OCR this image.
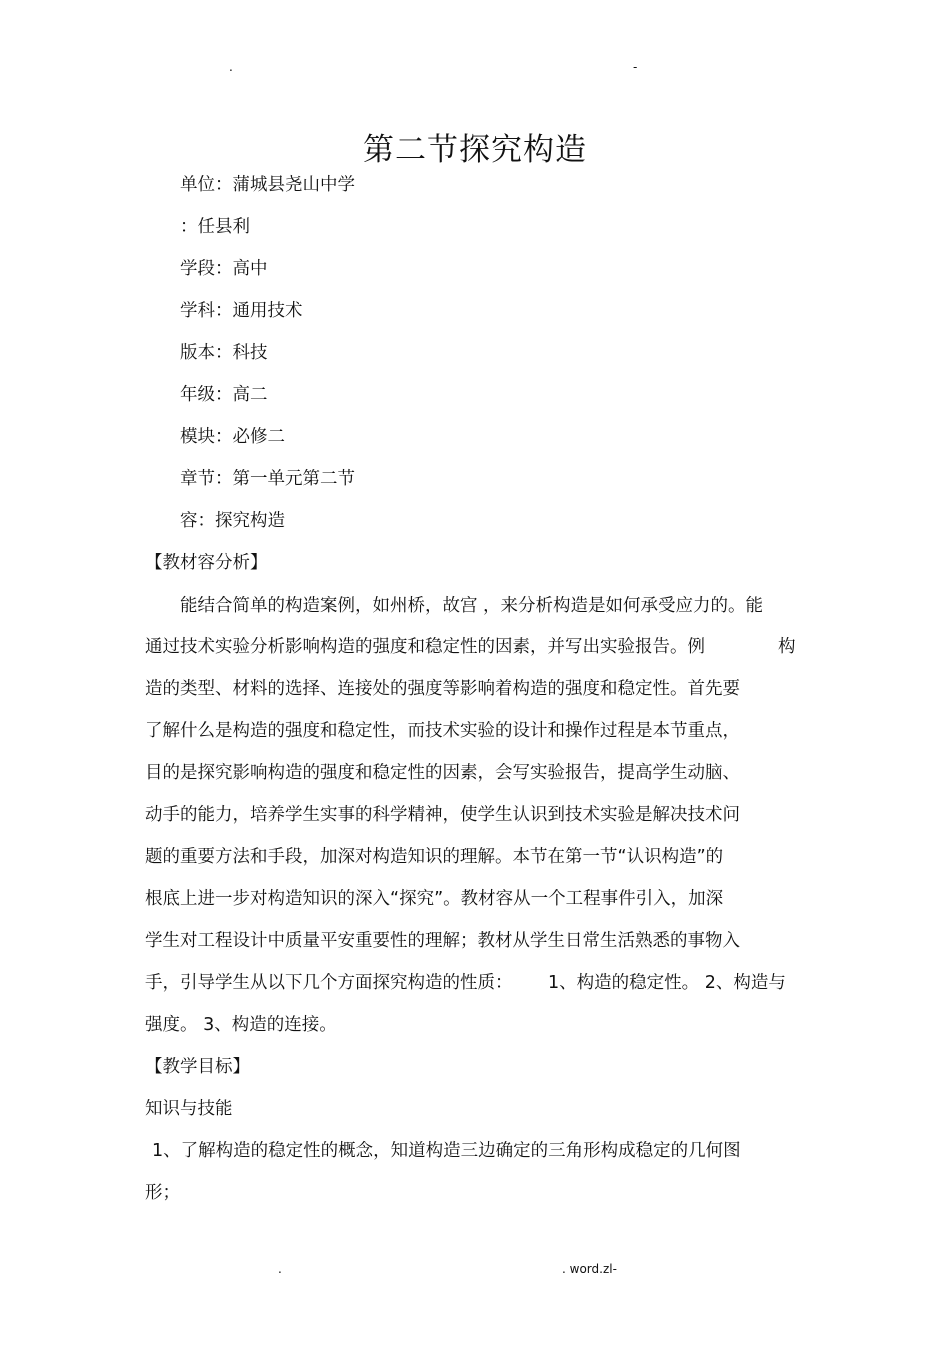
.	-
第二节探究构造
单位：蒲城县尧山中学
：任县利
学段：高中
学科：通用技术
版本：科技
年级：高二
模块：必修二
章节：第一单元第二节
容：探究构造
【教材容分析】
能结合简单的构造案例，如州桥，故宫 ，来分析构造是如何承受应力的。能
通过技术实验分析影响构造的强度和稳定性的因素，并写出实验报告。例	构
造的类型、材料的选择、连接处的强度等影响着构造的强度和稳定性。首先要
了解什么是构造的强度和稳定性，而技术实验的设计和操作过程是本节重点，
目的是探究影响构造的强度和稳定性的因素，会写实验报告，提高学生动脑、
动手的能力，培养学生实事的科学精神，使学生认识到技术实验是解决技术问
题的重要方法和手段，加深对构造知识的理解。本节在第一节“认识构造”的
根底上进一步对构造知识的深入“探究”。教材容从一个工程事件引入，加深
学生对工程设计中质量平安重要性的理解；教材从学生日常生活熟悉的事物入
手，引导学生从以下几个方面探究构造的性质： 1、构造的稳定性。 2、构造与
强度。 3、构造的连接。
【教学目标】
知识与技能
1、了解构造的稳定性的概念，知道构造三边确定的三角形构成稳定的几何图
形；
.	. word.zl-
